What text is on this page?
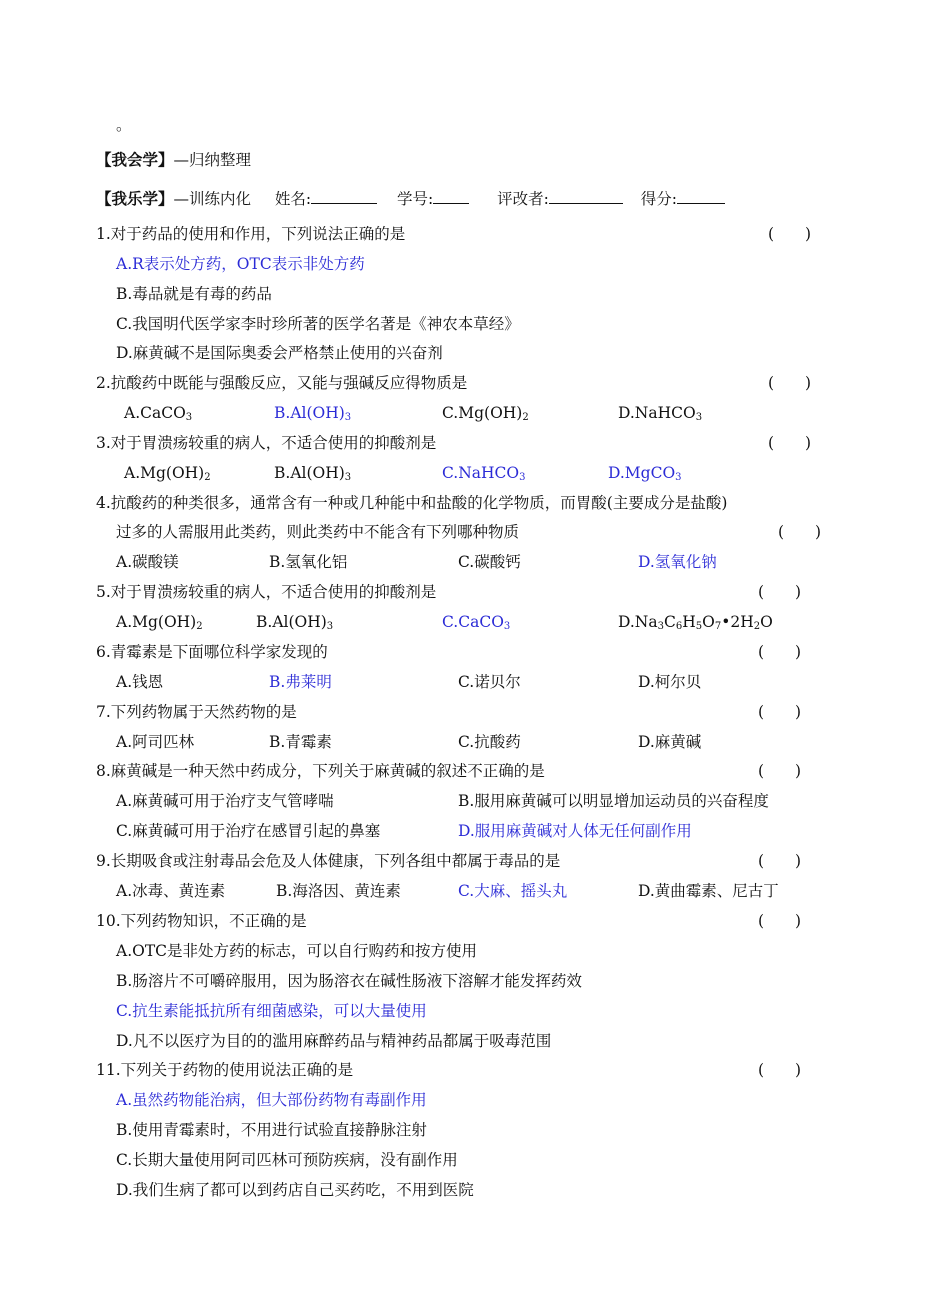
。
【我会学】—归纳整理
【我乐学】—训练内化 姓名:	学号:	评改者:	得分:
1.对于药品的使用和作用，下列说法正确的是	(　　)
A.R表示处方药，OTC表示非处方药
B.毒品就是有毒的药品
C.我国明代医学家李时珍所著的医学名著是《神农本草经》
D.麻黄碱不是国际奥委会严格禁止使用的兴奋剂
2.抗酸药中既能与强酸反应，又能与强碱反应得物质是	(　　)
A.CaCO$_3$	$B.Al(OH)_3$	$C.Mg(OH)_2$	D.NaHCO$_3$
3.对于胃溃疡较重的病人，不适合使用的抑酸剂是	(　　)
$A.Mg(OH)_2$	$B.Al(OH)_3$	C.NaHCO$_3$	D.MgCO$_3$
4.抗酸药的种类很多，通常含有一种或几种能中和盐酸的化学物质，而胃酸(主要成分是盐酸)
过多的人需服用此类药，则此类药中不能含有下列哪种物质	(　　)
A.碳酸镁	B.氢氧化铝	C.碳酸钙	D.氢氧化钠
5.对于胃溃疡较重的病人，不适合使用的抑酸剂是	(　　)
$A.Mg(OH)_2$	$B.Al(OH)_3$	C.CaCO$_3$	$D.Na_3C_6H_5O_7•2H_2O$
6.青霉素是下面哪位科学家发现的	(　　)
A.钱恩	B.弗莱明	C.诺贝尔	D.柯尔贝
7.下列药物属于天然药物的是	(　　)
A.阿司匹林	B.青霉素	C.抗酸药	D.麻黄碱
8.麻黄碱是一种天然中药成分，下列关于麻黄碱的叙述不正确的是	(　　)
A.麻黄碱可用于治疗支气管哮喘	B.服用麻黄碱可以明显增加运动员的兴奋程度
C.麻黄碱可用于治疗在感冒引起的鼻塞	D.服用麻黄碱对人体无任何副作用
9.长期吸食或注射毒品会危及人体健康，下列各组中都属于毒品的是	(　　)
A.冰毒、黄连素	B.海洛因、黄连素	C.大麻、摇头丸	D.黄曲霉素、尼古丁
10.下列药物知识，不正确的是	(　　)
A.OTC是非处方药的标志，可以自行购药和按方使用
B.肠溶片不可嚼碎服用，因为肠溶衣在碱性肠液下溶解才能发挥药效
C.抗生素能抵抗所有细菌感染，可以大量使用
D.凡不以医疗为目的的滥用麻醉药品与精神药品都属于吸毒范围
11.下列关于药物的使用说法正确的是	(　　)
A.虽然药物能治病，但大部份药物有毒副作用
B.使用青霉素时，不用进行试验直接静脉注射
C.长期大量使用阿司匹林可预防疾病，没有副作用
D.我们生病了都可以到药店自己买药吃，不用到医院
